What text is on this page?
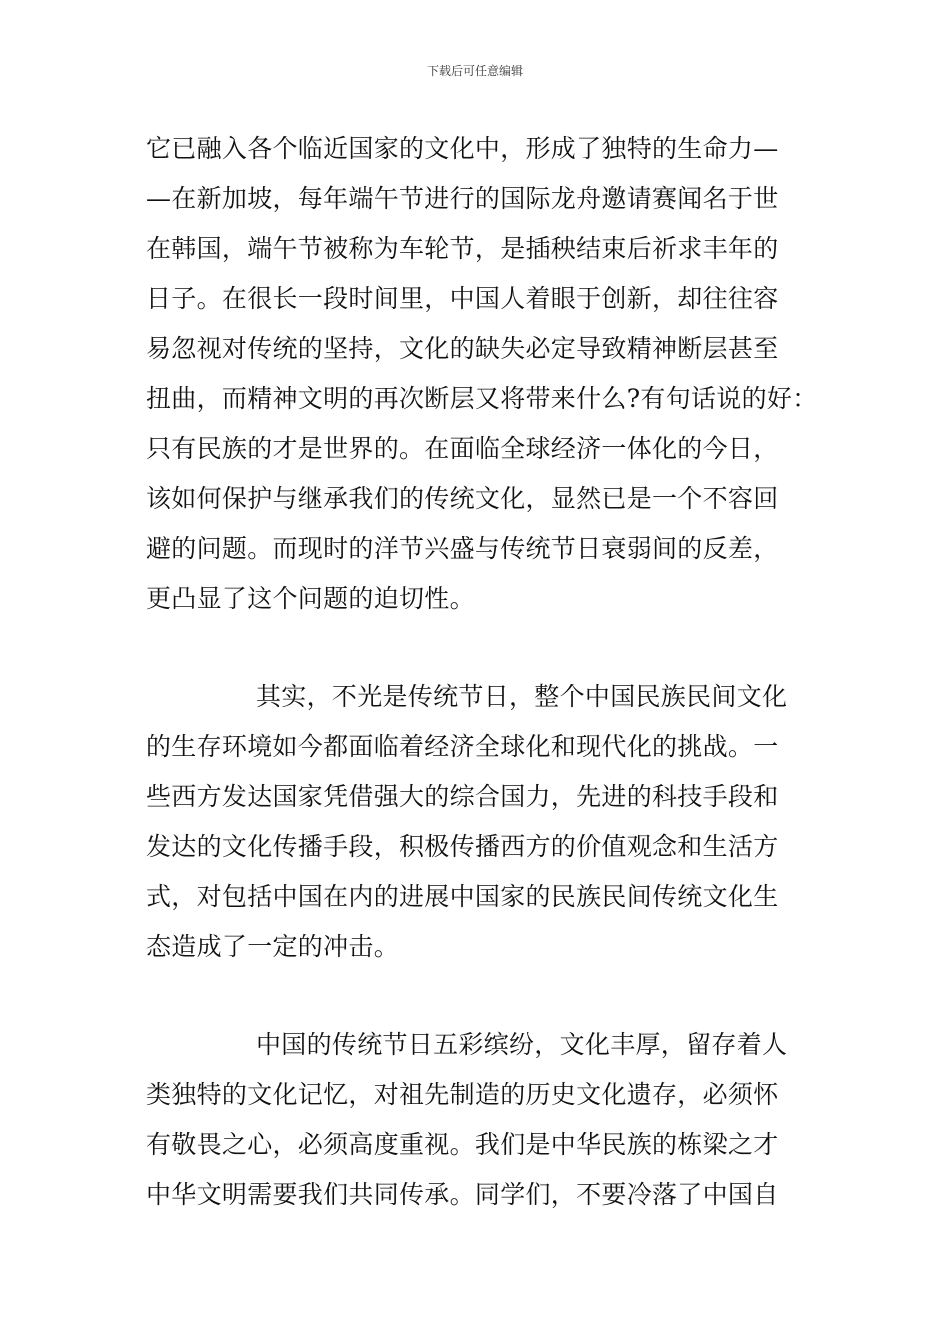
下载后可任意编辑
它已融入各个临近国家的文化中，形成了独特的生命力—
—在新加坡，每年端午节进行的国际龙舟邀请赛闻名于世
在韩国，端午节被称为车轮节，是插秧结束后祈求丰年的
日子。在很长一段时间里，中国人着眼于创新，却往往容
易忽视对传统的坚持，文化的缺失必定导致精神断层甚至
扭曲，而精神文明的再次断层又将带来什么?有句话说的好：
只有民族的才是世界的。在面临全球经济一体化的今日，
该如何保护与继承我们的传统文化，显然已是一个不容回
避的问题。而现时的洋节兴盛与传统节日衰弱间的反差，
更凸显了这个问题的迫切性。
其实，不光是传统节日，整个中国民族民间文化
的生存环境如今都面临着经济全球化和现代化的挑战。一
些西方发达国家凭借强大的综合国力，先进的科技手段和
发达的文化传播手段，积极传播西方的价值观念和生活方
式，对包括中国在内的进展中国家的民族民间传统文化生
态造成了一定的冲击。
中国的传统节日五彩缤纷，文化丰厚，留存着人
类独特的文化记忆，对祖先制造的历史文化遗存，必须怀
有敬畏之心，必须高度重视。我们是中华民族的栋梁之才
中华文明需要我们共同传承。同学们，不要冷落了中国自
